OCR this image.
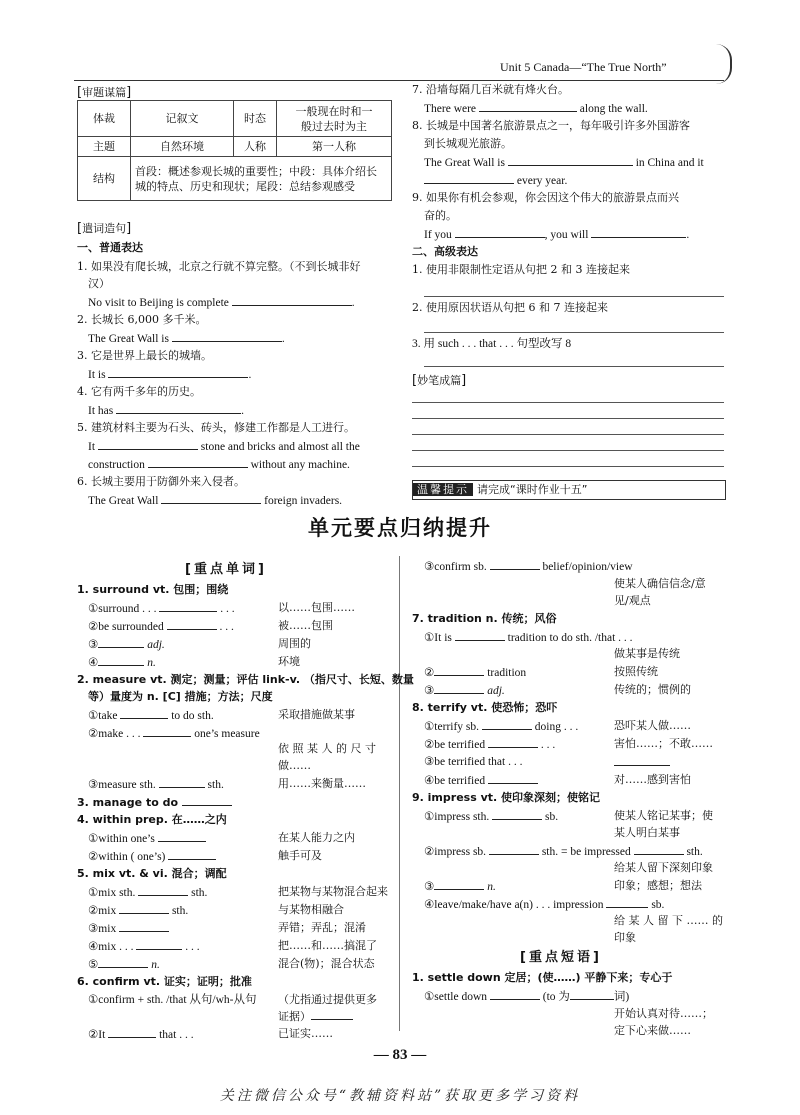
Unit 5 Canada—“The True North”
[审题谋篇]
体裁	记叙文	时态	一般现在时和一
般过去时为主
主题	自然环境	人称	第一人称
结构	首段：概述参观长城的重要性；中段：具体介绍长
城的特点、历史和现状；尾段：总结参观感受		
[遣词造句]
一、普通表达
1. 如果没有爬长城，北京之行就不算完整。（不到长城非好
汉）
No visit to Beijing is complete	.
2. 长城长 6,000 多千米。
The Great Wall is	.
3. 它是世界上最长的城墙。
It is	.
4. 它有两千多年的历史。
It has	.
5. 建筑材料主要为石头、砖头，修建工作都是人工进行。
It	stone and bricks and almost all the
construction	without any machine.
6. 长城主要用于防御外来入侵者。
The Great Wall	foreign invaders.
7. 沿墙每隔几百米就有烽火台。
There were	along the wall.
8. 长城是中国著名旅游景点之一，每年吸引许多外国游客
到长城观光旅游。
The Great Wall is	in China and it
every year.
9. 如果你有机会参观，你会因这个伟大的旅游景点而兴
奋的。
If you	, you will	.
二、高级表达
1. 使用非限制性定语从句把 2 和 3 连接起来
2. 使用原因状语从句把 6 和 7 连接起来
3. 用 such . . . that . . . 句型改写 8
[妙笔成篇]
温馨提示 请完成“课时作业十五”
单元要点归纳提升
[重点单词]
1. surround vt. 包围；围绕
①surround . . .	. . .	以……包围……
②be surrounded	. . .	被……包围
③	adj.	周围的
④	n.	环境
2. measure vt. 测定；测量；评估 link-v. （指尺寸、长短、数量
等）量度为 n. [C] 措施；方法；尺度
①take	to do sth.	采取措施做某事
②make . . .	one’s measure
依 照 某 人 的 尺 寸
做……
③measure sth.	sth.	用……来衡量……
3. manage to do
4. within prep. 在……之内
①within one’s	在某人能力之内
②within ( one’s)	触手可及
5. mix vt. & vi. 混合；调配
①mix sth.	sth.	把某物与某物混合起来
②mix	sth.	与某物相融合
③mix	弄错；弄乱；混淆
④mix . . .	. . .	把……和……搞混了
⑤	n.	混合(物)；混合状态
6. confirm vt. 证实；证明；批准
①confirm + sth. /that 从句/wh-从句 （尤指通过提供更多
证据）
②It	that . . .	已证实……
③confirm sb.	belief/opinion/view
使某人确信信念/意
见/观点
7. tradition n. 传统；风俗
①It is	tradition to do sth. /that . . .
做某事是传统
②	tradition	按照传统
③	adj.	传统的；惯例的
8. terrify vt. 使恐怖；恐吓
①terrify sb.	doing . . .	恐吓某人做……
②be terrified	. . .	害怕……；不敢……
③be terrified that . . .
④be terrified	对……感到害怕
9. impress vt. 使印象深刻；使铭记
①impress sth.	sb.	使某人铭记某事；使
某人明白某事
②impress sb.	sth. = be impressed	sth.
给某人留下深刻印象
③	n.	印象；感想；想法
④leave/make/have a(n) . . . impression	sb.
给 某 人 留 下 …… 的
印象
[重点短语]
1. settle down 定居；(使……) 平静下来；专心于
①settle down	(to 为	词)
开始认真对待……；
定下心来做……
— 83 —
关注微信公众号“教辅资料站”获取更多学习资料
